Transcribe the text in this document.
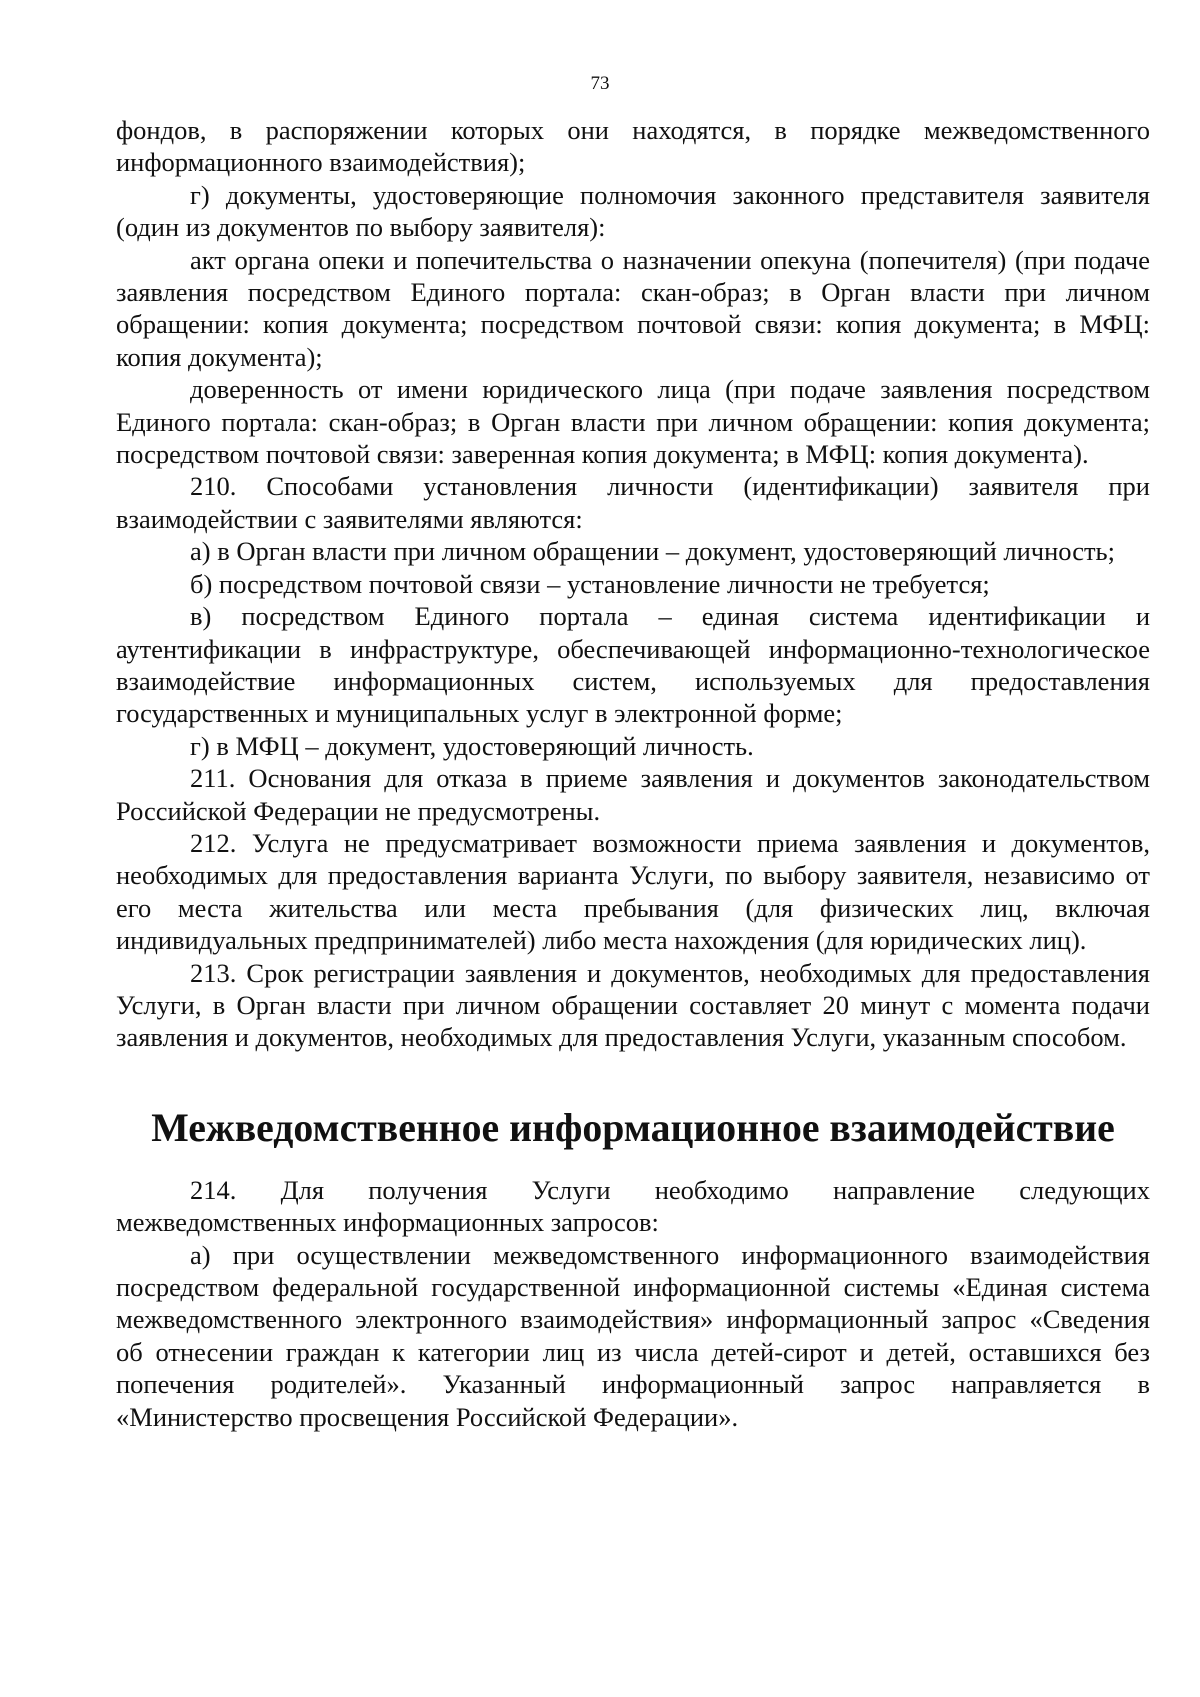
73

фондов, в распоряжении которых они находятся, в порядке межведомственного информационного взаимодействия);

г) документы, удостоверяющие полномочия законного представителя заявителя (один из документов по выбору заявителя):

акт органа опеки и попечительства о назначении опекуна (попечителя) (при подаче заявления посредством Единого портала: скан-образ; в Орган власти при личном обращении: копия документа; посредством почтовой связи: копия документа; в МФЦ: копия документа);

доверенность от имени юридического лица (при подаче заявления посредством Единого портала: скан-образ; в Орган власти при личном обращении: копия документа; посредством почтовой связи: заверенная копия документа; в МФЦ: копия документа).

210. Способами установления личности (идентификации) заявителя при взаимодействии с заявителями являются:

а) в Орган власти при личном обращении – документ, удостоверяющий личность;

б) посредством почтовой связи – установление личности не требуется;

в) посредством Единого портала – единая система идентификации и аутентификации в инфраструктуре, обеспечивающей информационно-технологическое взаимодействие информационных систем, используемых для предоставления государственных и муниципальных услуг в электронной форме;

г) в МФЦ – документ, удостоверяющий личность.

211. Основания для отказа в приеме заявления и документов законодательством Российской Федерации не предусмотрены.

212. Услуга не предусматривает возможности приема заявления и документов, необходимых для предоставления варианта Услуги, по выбору заявителя, независимо от его места жительства или места пребывания (для физических лиц, включая индивидуальных предпринимателей) либо места нахождения (для юридических лиц).

213. Срок регистрации заявления и документов, необходимых для предоставления Услуги, в Орган власти при личном обращении составляет 20 минут с момента подачи заявления и документов, необходимых для предоставления Услуги, указанным способом.

Межведомственное информационное взаимодействие

214. Для получения Услуги необходимо направление следующих межведомственных информационных запросов:

а) при осуществлении межведомственного информационного взаимодействия посредством федеральной государственной информационной системы «Единая система межведомственного электронного взаимодействия» информационный запрос «Сведения об отнесении граждан к категории лиц из числа детей-сирот и детей, оставшихся без попечения родителей». Указанный информационный запрос направляется в «Министерство просвещения Российской Федерации».
